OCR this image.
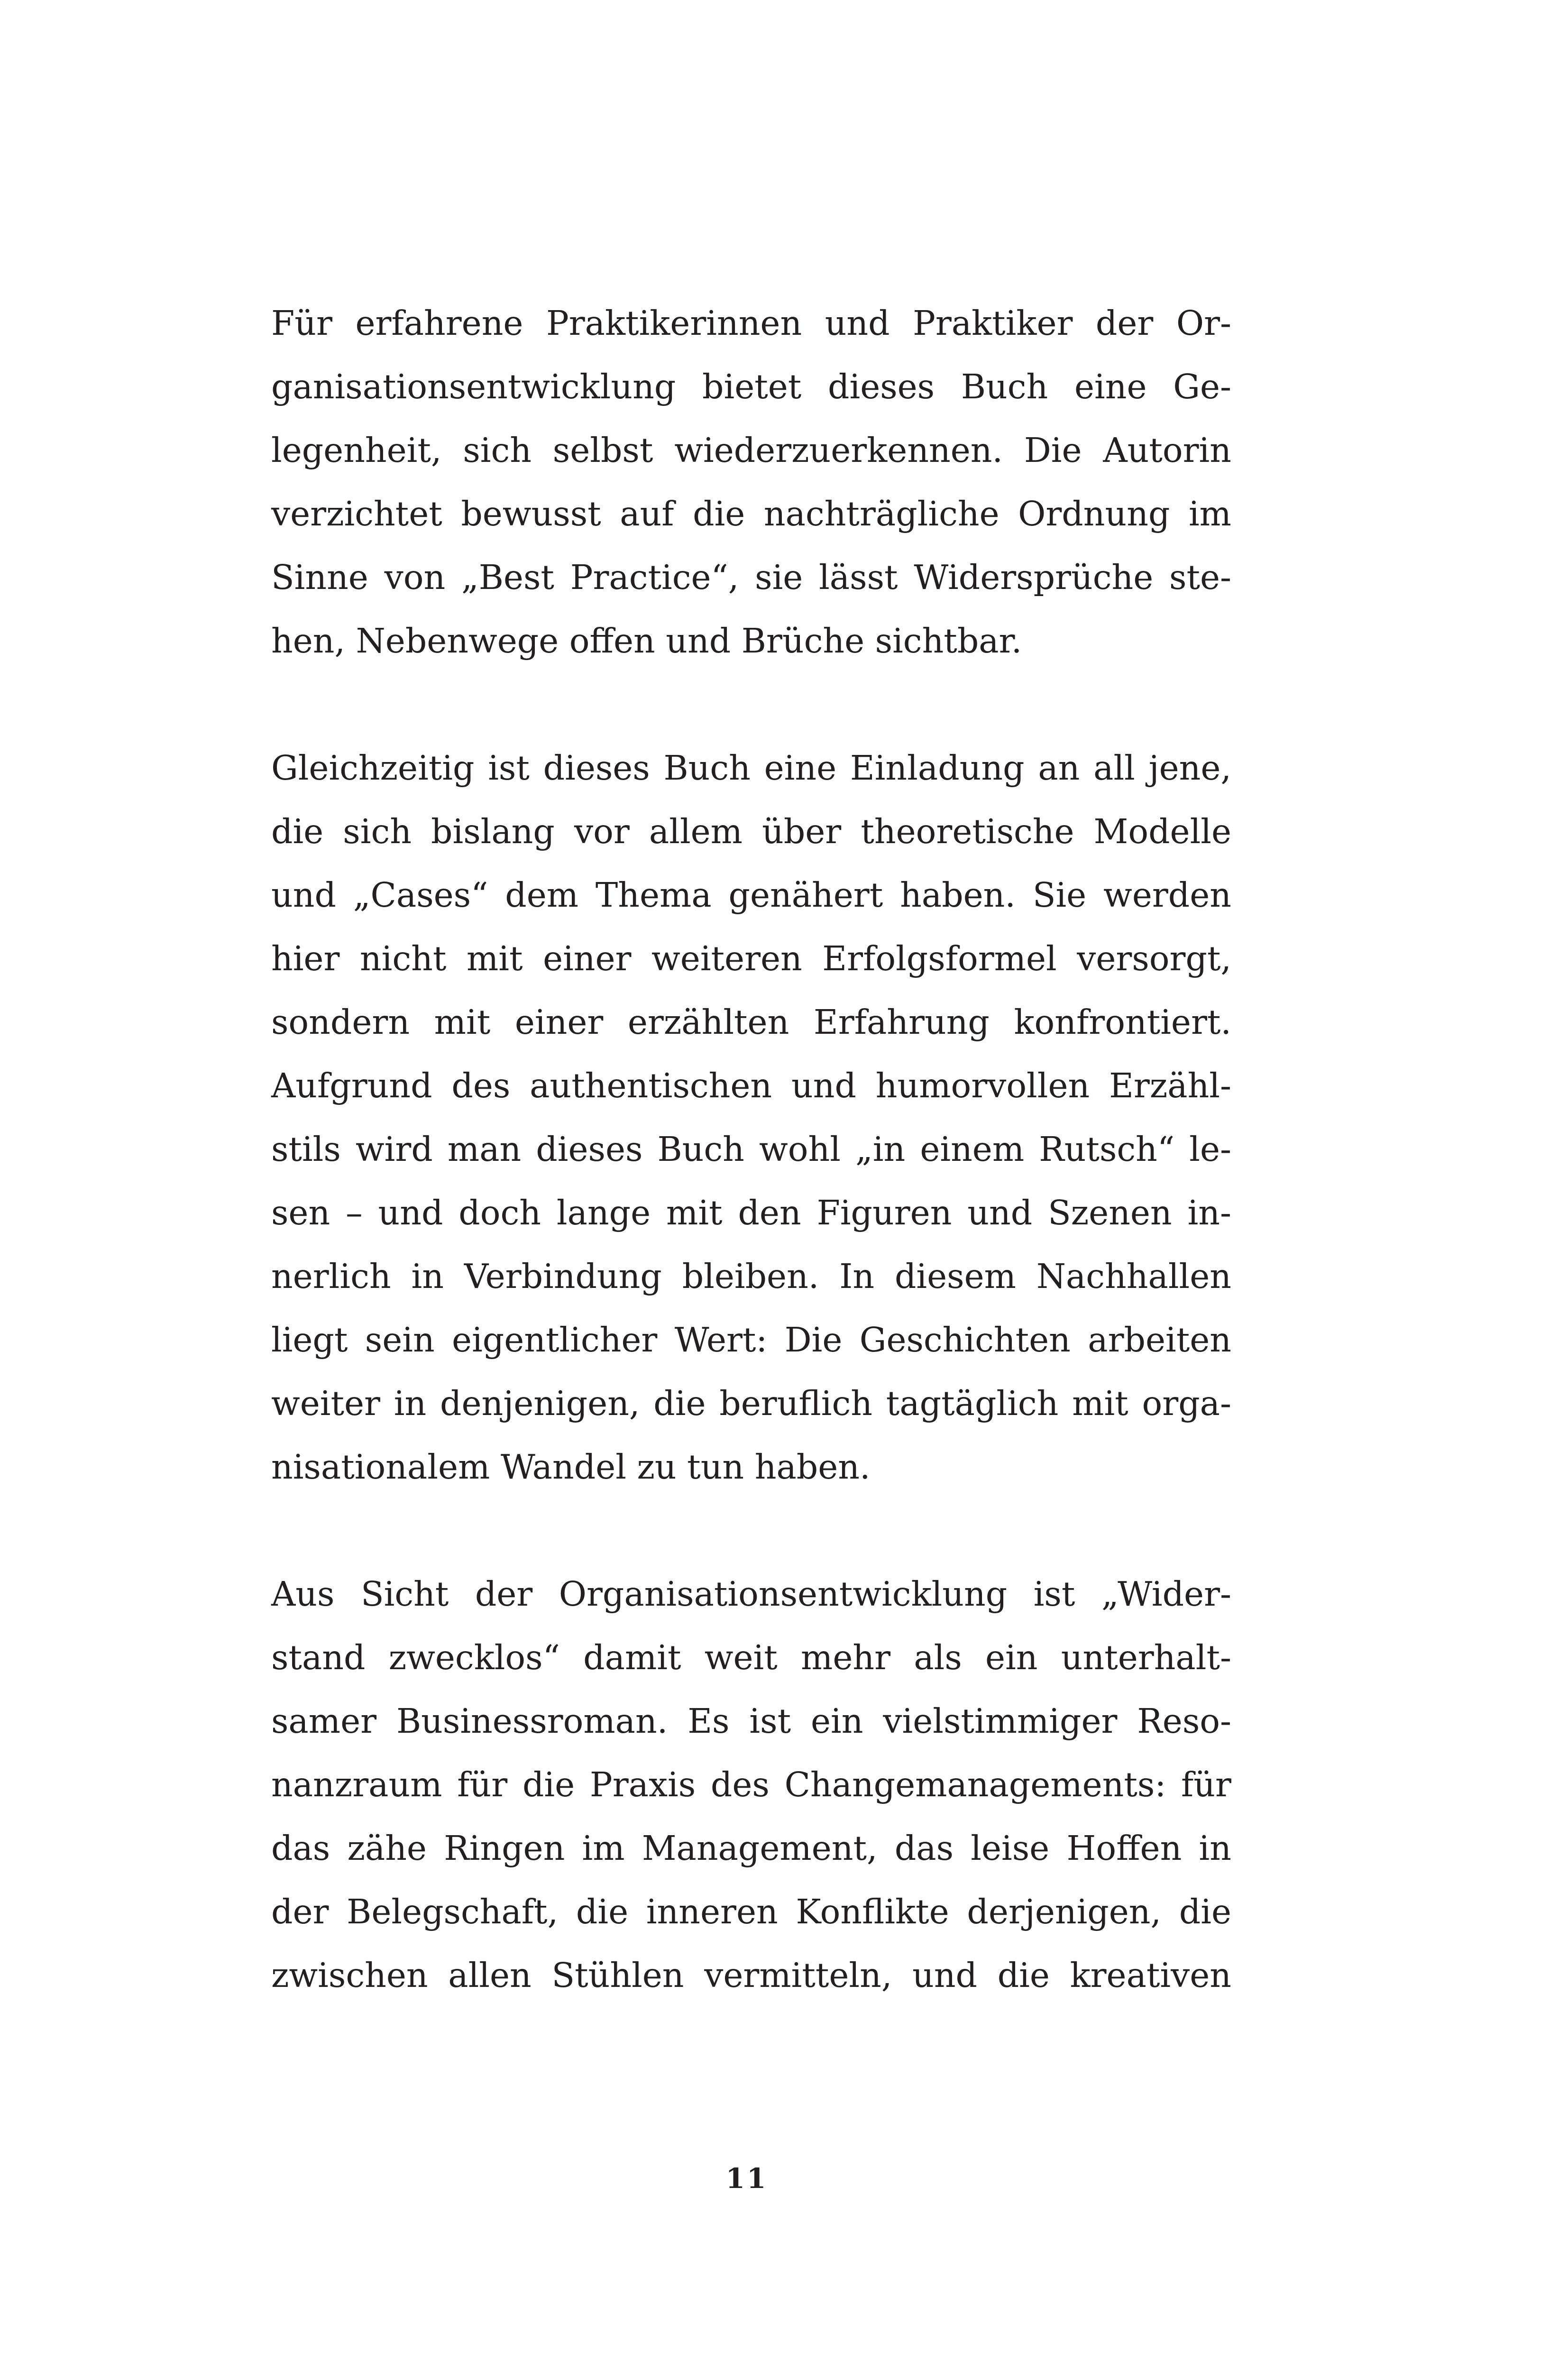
Für erfahrene Praktikerinnen und Praktiker der Or-
ganisationsentwicklung bietet dieses Buch eine Ge-
legenheit, sich selbst wiederzuerkennen. Die Autorin
verzichtet bewusst auf die nachträgliche Ordnung im
Sinne von „Best Practice“, sie lässt Widersprüche ste-
hen, Nebenwege offen und Brüche sichtbar.
Gleichzeitig ist dieses Buch eine Einladung an all jene,
die sich bislang vor allem über theoretische Modelle
und „Cases“ dem Thema genähert haben. Sie werden
hier nicht mit einer weiteren Erfolgsformel versorgt,
sondern mit einer erzählten Erfahrung konfrontiert.
Aufgrund des authentischen und humorvollen Erzähl-
stils wird man dieses Buch wohl „in einem Rutsch“ le-
sen – und doch lange mit den Figuren und Szenen in-
nerlich in Verbindung bleiben. In diesem Nachhallen
liegt sein eigentlicher Wert: Die Geschichten arbeiten
weiter in denjenigen, die beruflich tagtäglich mit orga-
nisationalem Wandel zu tun haben.
Aus Sicht der Organisationsentwicklung ist „Wider-
stand zwecklos“ damit weit mehr als ein unterhalt-
samer Businessroman. Es ist ein vielstimmiger Reso-
nanzraum für die Praxis des Changemanagements: für
das zähe Ringen im Management, das leise Hoffen in
der Belegschaft, die inneren Konflikte derjenigen, die
zwischen allen Stühlen vermitteln, und die kreativen
11
